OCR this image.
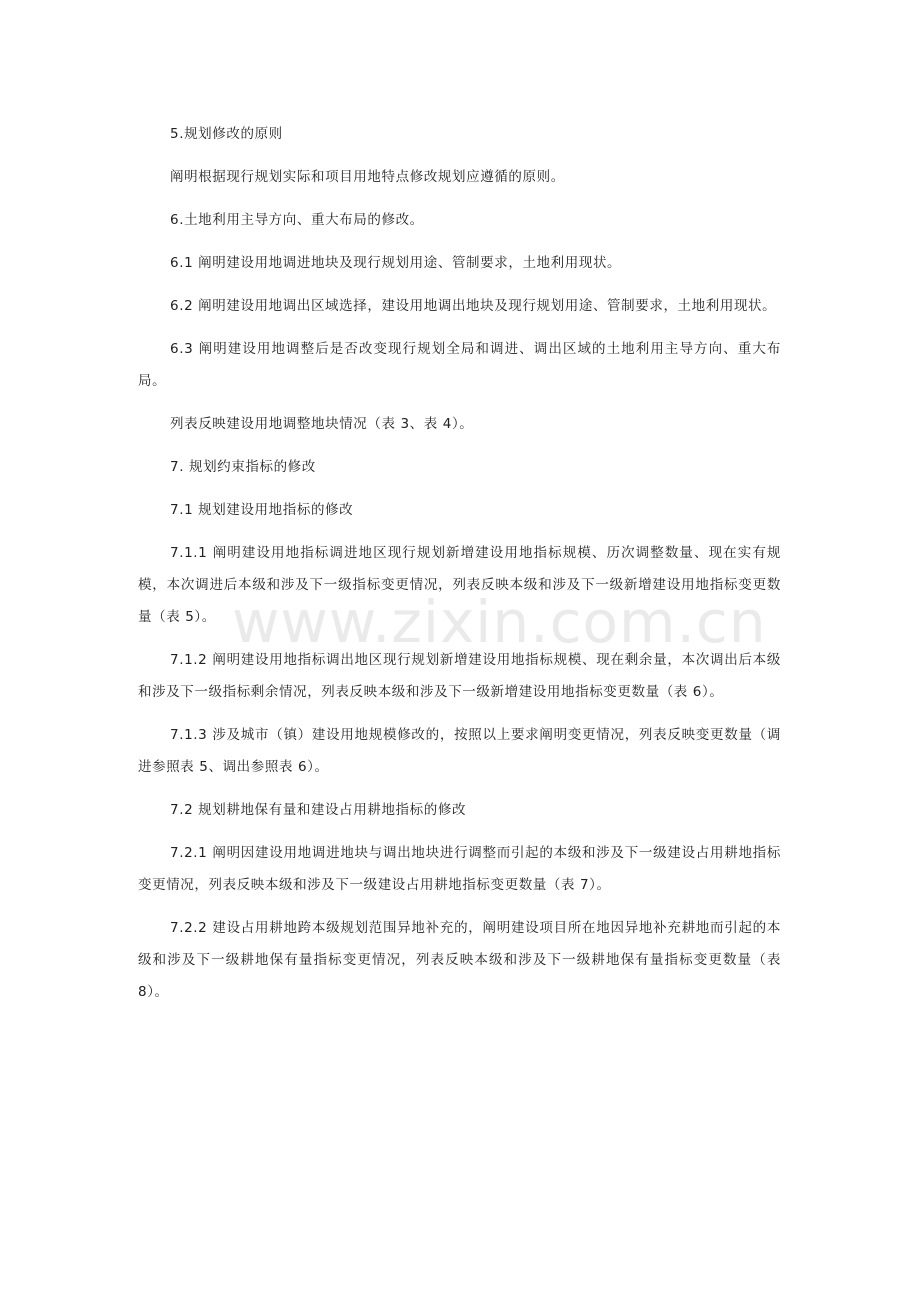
www.zixin.com.cn

5.规划修改的原则

阐明根据现行规划实际和项目用地特点修改规划应遵循的原则。

6.土地利用主导方向、重大布局的修改。

6.1 阐明建设用地调进地块及现行规划用途、管制要求，土地利用现状。

6.2 阐明建设用地调出区域选择，建设用地调出地块及现行规划用途、管制要求，土地利用现状。

6.3 阐明建设用地调整后是否改变现行规划全局和调进、调出区域的土地利用主导方向、重大布局。

列表反映建设用地调整地块情况（表 3、表 4）。

7. 规划约束指标的修改

7.1 规划建设用地指标的修改

7.1.1 阐明建设用地指标调进地区现行规划新增建设用地指标规模、历次调整数量、现在实有规模，本次调进后本级和涉及下一级指标变更情况，列表反映本级和涉及下一级新增建设用地指标变更数量（表 5）。

7.1.2 阐明建设用地指标调出地区现行规划新增建设用地指标规模、现在剩余量，本次调出后本级和涉及下一级指标剩余情况，列表反映本级和涉及下一级新增建设用地指标变更数量（表 6）。

7.1.3 涉及城市（镇）建设用地规模修改的，按照以上要求阐明变更情况，列表反映变更数量（调进参照表 5、调出参照表 6）。

7.2 规划耕地保有量和建设占用耕地指标的修改

7.2.1 阐明因建设用地调进地块与调出地块进行调整而引起的本级和涉及下一级建设占用耕地指标变更情况，列表反映本级和涉及下一级建设占用耕地指标变更数量（表 7）。

7.2.2 建设占用耕地跨本级规划范围异地补充的，阐明建设项目所在地因异地补充耕地而引起的本级和涉及下一级耕地保有量指标变更情况，列表反映本级和涉及下一级耕地保有量指标变更数量（表 8）。
